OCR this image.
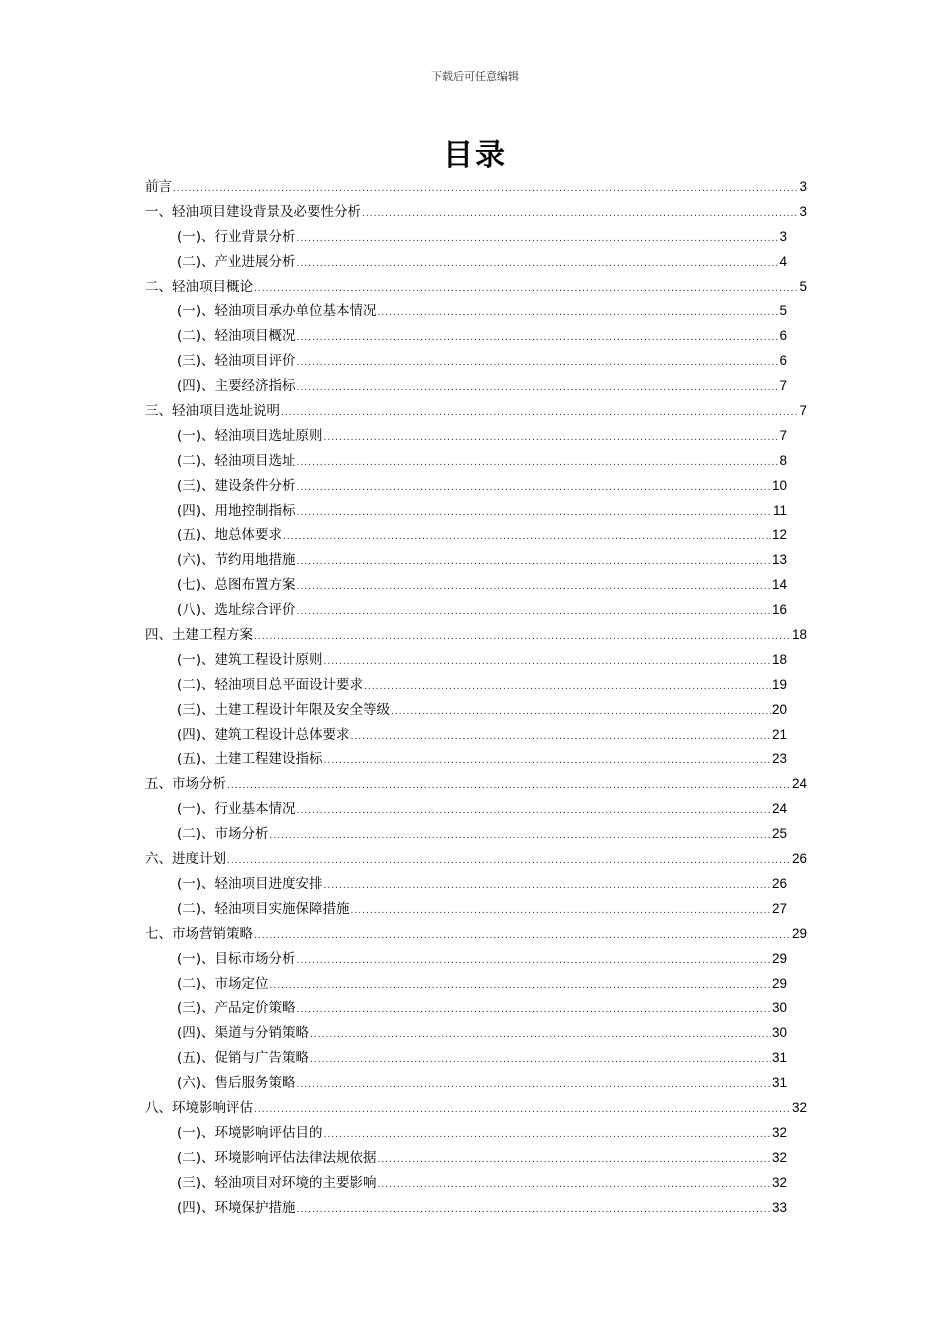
下载后可任意编辑
目录
前言 .....	3
一、轻油项目建设背景及必要性分析 .....	3
(一)、行业背景分析 .....	3
(二)、产业进展分析 .....	4
二、轻油项目概论 .....	5
(一)、轻油项目承办单位基本情况 .....	5
(二)、轻油项目概况 .....	6
(三)、轻油项目评价 .....	6
(四)、主要经济指标 .....	7
三、轻油项目选址说明 .....	7
(一)、轻油项目选址原则 .....	7
(二)、轻油项目选址 .....	8
(三)、建设条件分析 .....	10
(四)、用地控制指标 .....	11
(五)、地总体要求 .....	12
(六)、节约用地措施 .....	13
(七)、总图布置方案 .....	14
(八)、选址综合评价 .....	16
四、土建工程方案 .....	18
(一)、建筑工程设计原则 .....	18
(二)、轻油项目总平面设计要求 .....	19
(三)、土建工程设计年限及安全等级 .....	20
(四)、建筑工程设计总体要求 .....	21
(五)、土建工程建设指标 .....	23
五、市场分析 .....	24
(一)、行业基本情况 .....	24
(二)、市场分析 .....	25
六、进度计划 .....	26
(一)、轻油项目进度安排 .....	26
(二)、轻油项目实施保障措施 .....	27
七、市场营销策略 .....	29
(一)、目标市场分析 .....	29
(二)、市场定位 .....	29
(三)、产品定价策略 .....	30
(四)、渠道与分销策略 .....	30
(五)、促销与广告策略 .....	31
(六)、售后服务策略 .....	31
八、环境影响评估 .....	32
(一)、环境影响评估目的 .....	32
(二)、环境影响评估法律法规依据 .....	32
(三)、轻油项目对环境的主要影响 .....	32
(四)、环境保护措施 .....	33
